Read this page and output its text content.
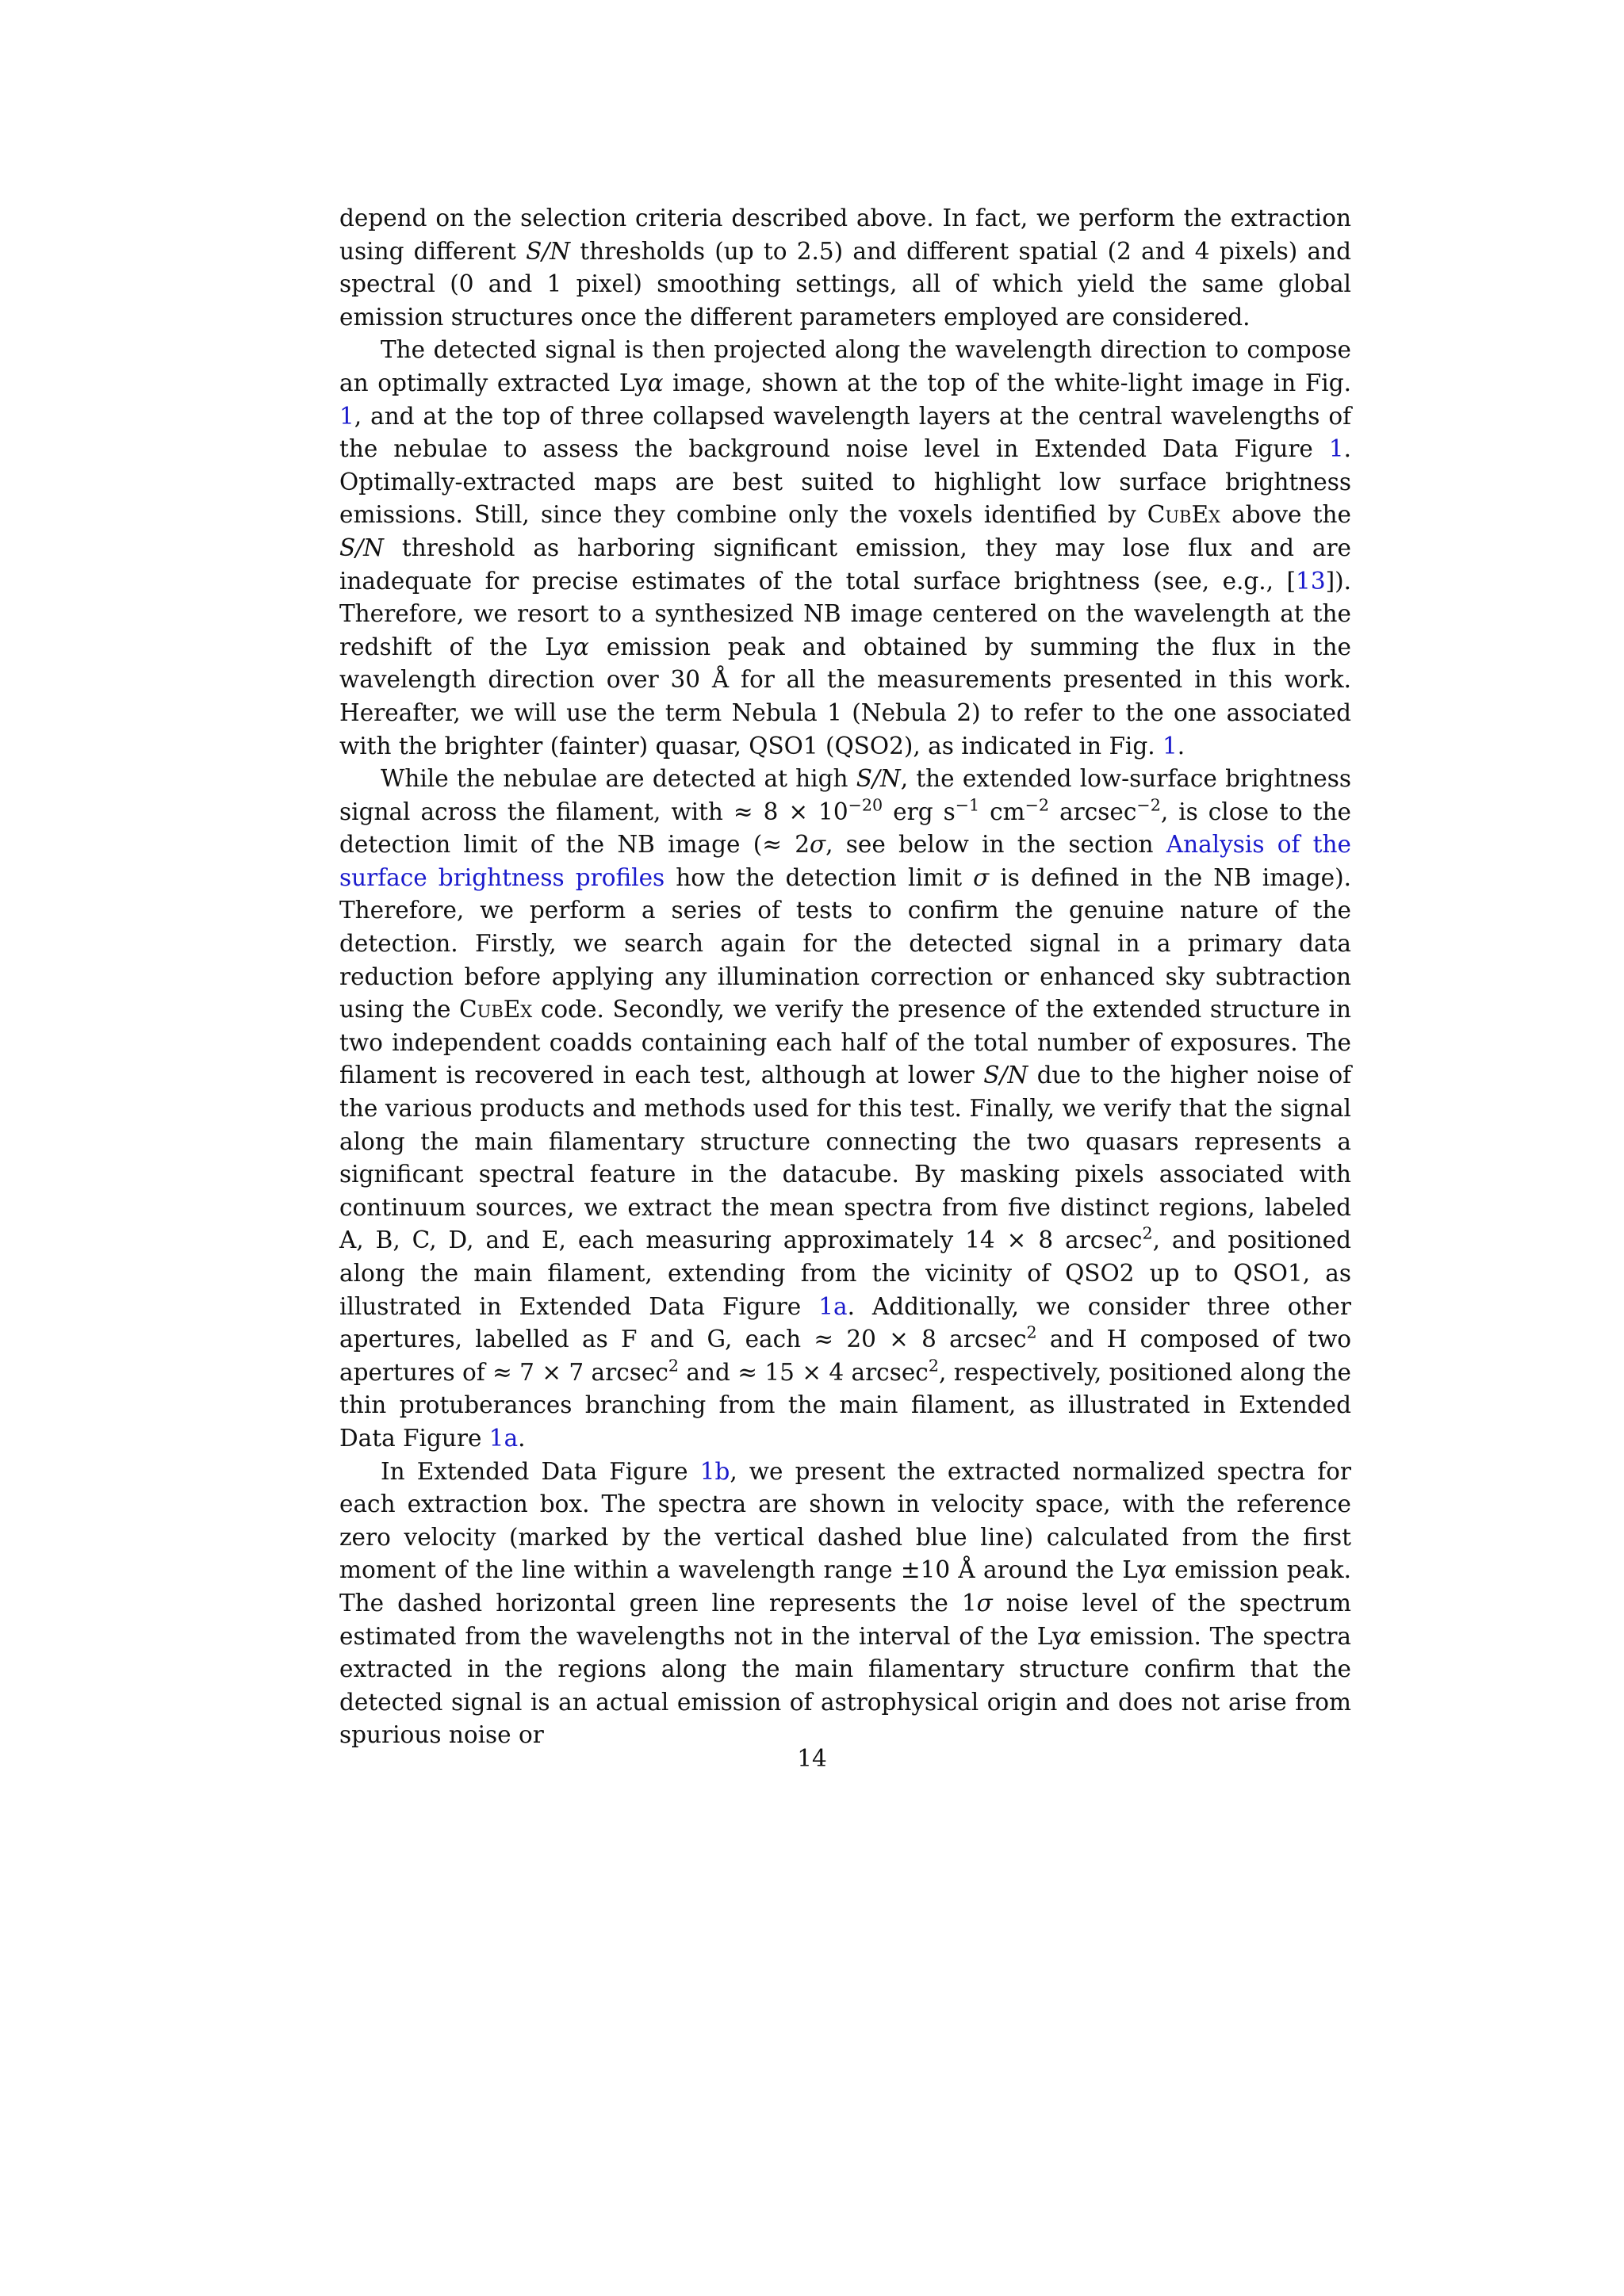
depend on the selection criteria described above. In fact, we perform the extraction using different S/N thresholds (up to 2.5) and different spatial (2 and 4 pixels) and spectral (0 and 1 pixel) smoothing settings, all of which yield the same global emission structures once the different parameters employed are considered.

The detected signal is then projected along the wavelength direction to compose an optimally extracted Lyα image, shown at the top of the white-light image in Fig. 1, and at the top of three collapsed wavelength layers at the central wavelengths of the nebulae to assess the background noise level in Extended Data Figure 1. Optimally-extracted maps are best suited to highlight low surface brightness emissions. Still, since they combine only the voxels identified by CubEx above the S/N threshold as harboring significant emission, they may lose flux and are inadequate for precise estimates of the total surface brightness (see, e.g., [13]). Therefore, we resort to a synthesized NB image centered on the wavelength at the redshift of the Lyα emission peak and obtained by summing the flux in the wavelength direction over 30 Å for all the measurements presented in this work. Hereafter, we will use the term Nebula 1 (Nebula 2) to refer to the one associated with the brighter (fainter) quasar, QSO1 (QSO2), as indicated in Fig. 1.

While the nebulae are detected at high S/N, the extended low-surface brightness signal across the filament, with ≈ $8 \times 10^{-20}$ erg $s^{-1}$ $cm^{-2}$ arcsec$^{-2}$, is close to the detection limit of the NB image (≈ 2σ, see below in the section Analysis of the surface brightness profiles how the detection limit σ is defined in the NB image). Therefore, we perform a series of tests to confirm the genuine nature of the detection. Firstly, we search again for the detected signal in a primary data reduction before applying any illumination correction or enhanced sky subtraction using the CubEx code. Secondly, we verify the presence of the extended structure in two independent coadds containing each half of the total number of exposures. The filament is recovered in each test, although at lower S/N due to the higher noise of the various products and methods used for this test. Finally, we verify that the signal along the main filamentary structure connecting the two quasars represents a significant spectral feature in the datacube. By masking pixels associated with continuum sources, we extract the mean spectra from five distinct regions, labeled A, B, C, D, and E, each measuring approximately 14 × 8 arcsec$^2$, and positioned along the main filament, extending from the vicinity of QSO2 up to QSO1, as illustrated in Extended Data Figure 1a. Additionally, we consider three other apertures, labelled as F and G, each ≈ 20 × 8 arcsec$^2$ and H composed of two apertures of ≈ 7 × 7 arcsec$^2$ and ≈ 15 × 4 arcsec$^2$, respectively, positioned along the thin protuberances branching from the main filament, as illustrated in Extended Data Figure 1a.

In Extended Data Figure 1b, we present the extracted normalized spectra for each extraction box. The spectra are shown in velocity space, with the reference zero velocity (marked by the vertical dashed blue line) calculated from the first moment of the line within a wavelength range ±10 Å around the Lyα emission peak. The dashed horizontal green line represents the 1σ noise level of the spectrum estimated from the wavelengths not in the interval of the Lyα emission. The spectra extracted in the regions along the main filamentary structure confirm that the detected signal is an actual emission of astrophysical origin and does not arise from spurious noise or

14
